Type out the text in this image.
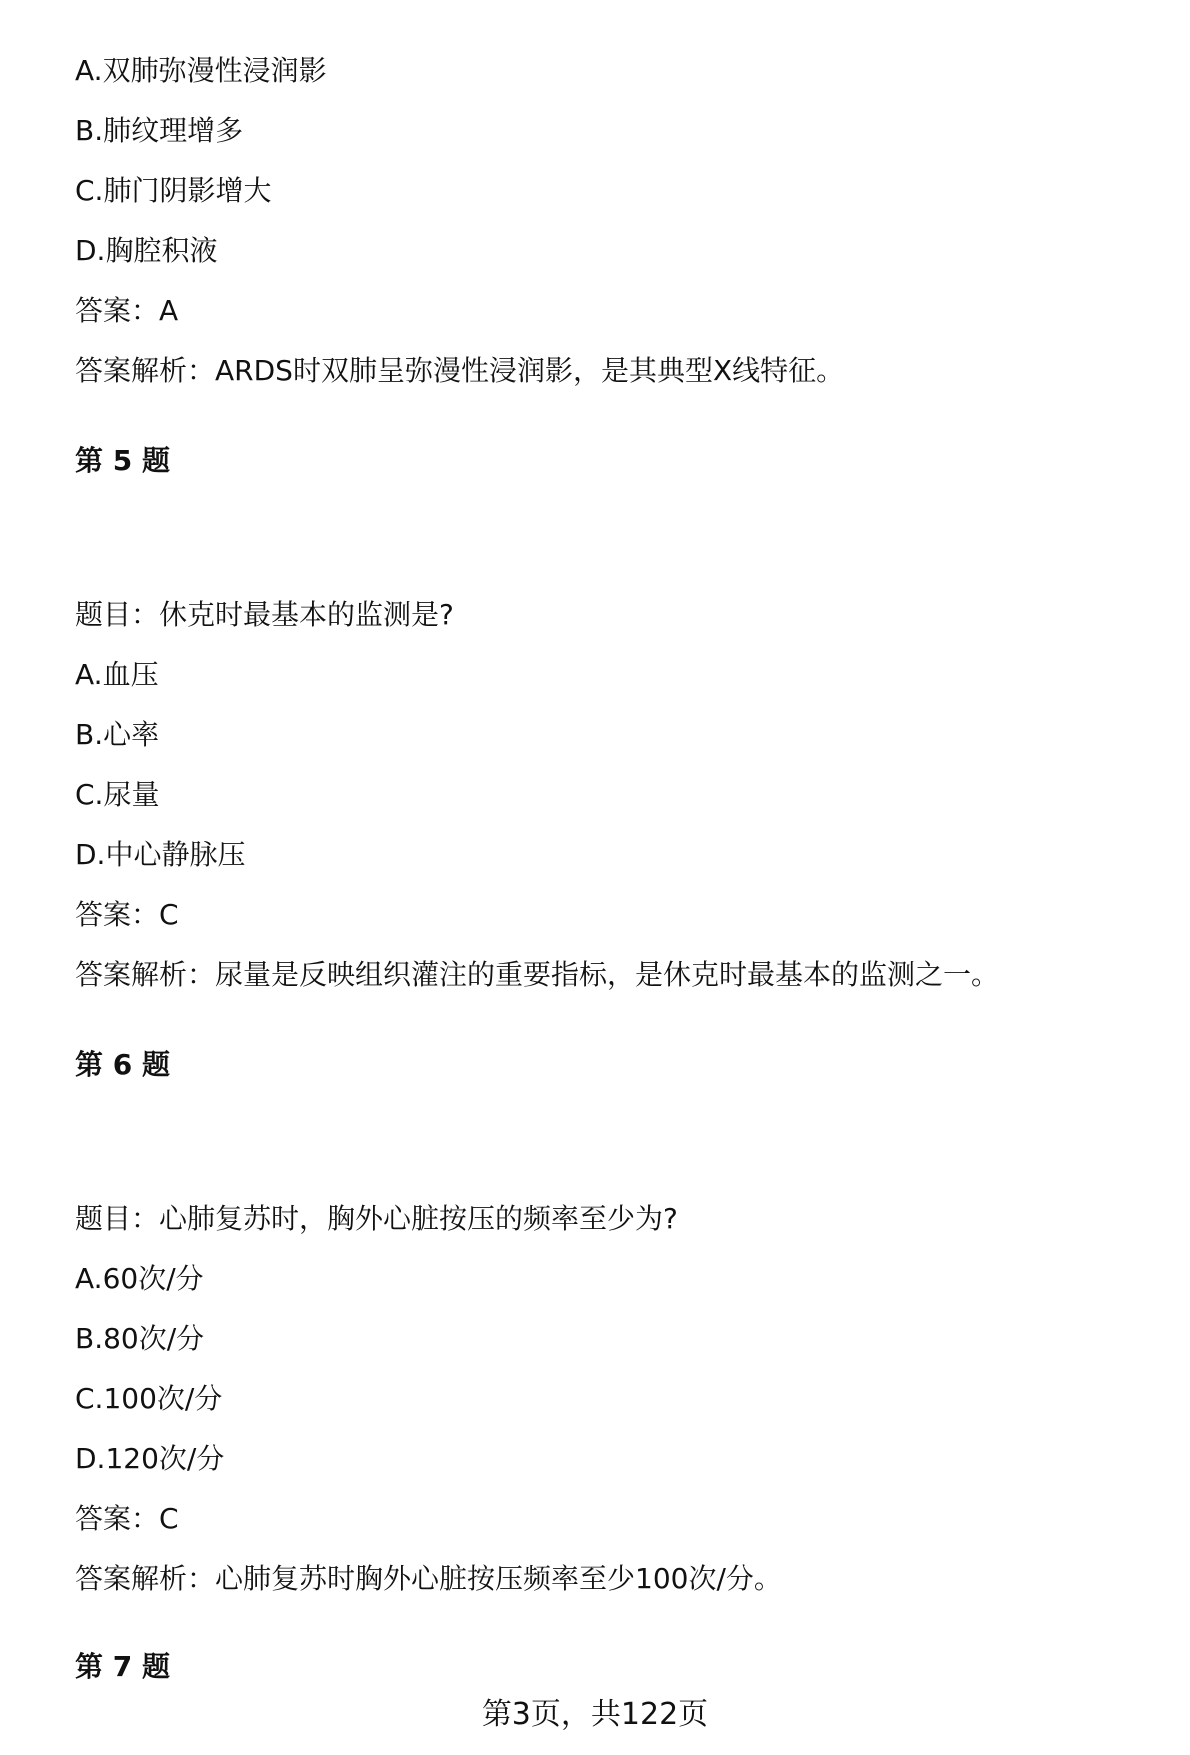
A.双肺弥漫性浸润影
B.肺纹理增多
C.肺门阴影增大
D.胸腔积液
答案：A
答案解析：ARDS时双肺呈弥漫性浸润影，是其典型X线特征。
第 5 题
题目：休克时最基本的监测是?
A.血压
B.心率
C.尿量
D.中心静脉压
答案：C
答案解析：尿量是反映组织灌注的重要指标，是休克时最基本的监测之一。
第 6 题
题目：心肺复苏时，胸外心脏按压的频率至少为?
A.60次/分
B.80次/分
C.100次/分
D.120次/分
答案：C
答案解析：心肺复苏时胸外心脏按压频率至少100次/分。
第 7 题
第3页，共122页
